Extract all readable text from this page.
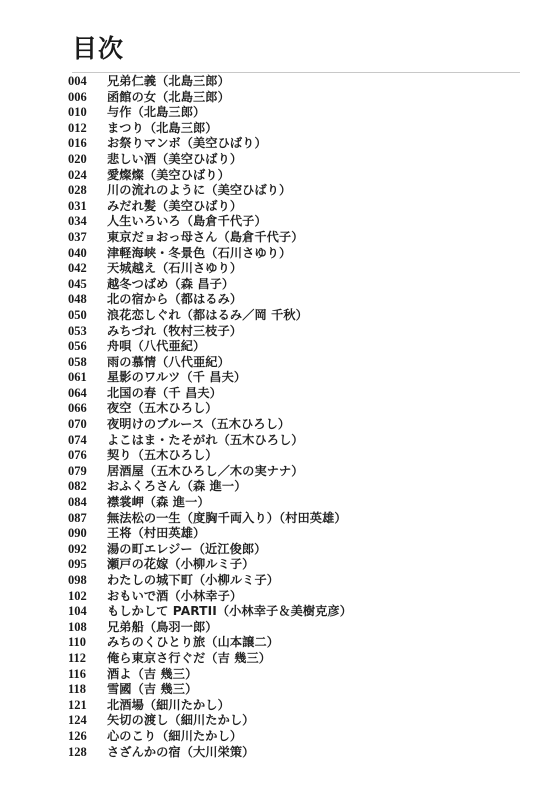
目次
004	兄弟仁義（北島三郎）
006	函館の女（北島三郎）
010	与作（北島三郎）
012	まつり（北島三郎）
016	お祭りマンボ（美空ひばり）
020	悲しい酒（美空ひばり）
024	愛燦燦（美空ひばり）
028	川の流れのように（美空ひばり）
031	みだれ髪（美空ひばり）
034	人生いろいろ（島倉千代子）
037	東京だョおっ母さん（島倉千代子）
040	津軽海峡・冬景色（石川さゆり）
042	天城越え（石川さゆり）
045	越冬つばめ（森 昌子）
048	北の宿から（都はるみ）
050	浪花恋しぐれ（都はるみ／岡 千秋）
053	みちづれ（牧村三枝子）
056	舟唄（八代亜紀）
058	雨の慕情（八代亜紀）
061	星影のワルツ（千 昌夫）
064	北国の春（千 昌夫）
066	夜空（五木ひろし）
070	夜明けのブルース（五木ひろし）
074	よこはま・たそがれ（五木ひろし）
076	契り（五木ひろし）
079	居酒屋（五木ひろし／木の実ナナ）
082	おふくろさん（森 進一）
084	襟裳岬（森 進一）
087	無法松の一生（度胸千両入り）（村田英雄）
090	王将（村田英雄）
092	湯の町エレジー（近江俊郎）
095	瀬戸の花嫁（小柳ルミ子）
098	わたしの城下町（小柳ルミ子）
102	おもいで酒（小林幸子）
104	もしかして PARTII（小林幸子＆美樹克彦）
108	兄弟船（鳥羽一郎）
110	みちのくひとり旅（山本譲二）
112	俺ら東京さ行ぐだ（吉 幾三）
116	酒よ（吉 幾三）
118	雪國（吉 幾三）
121	北酒場（細川たかし）
124	矢切の渡し（細川たかし）
126	心のこり（細川たかし）
128	さざんかの宿（大川栄策）
